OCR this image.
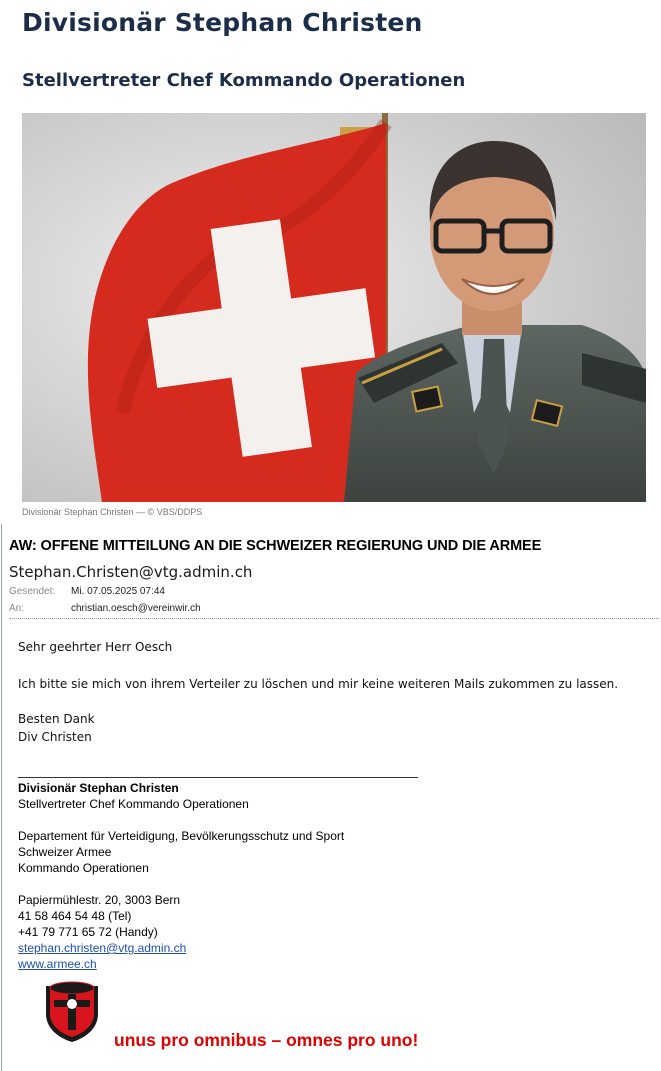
Divisionär Stephan Christen
Stellvertreter Chef Kommando Operationen
Divisionär Stephan Christen — © VBS/DDPS
AW: OFFENE MITTEILUNG AN DIE SCHWEIZER REGIERUNG UND DIE ARMEE
Stephan.Christen@vtg.admin.ch
Gesendet: Mi. 07.05.2025 07:44
An:	christian.oesch@vereinwir.ch
Sehr geehrter Herr Oesch
Ich bitte sie mich von ihrem Verteiler zu löschen und mir keine weiteren Mails zukommen zu lassen.
Besten Dank
Div Christen
Divisionär Stephan Christen
Stellvertreter Chef Kommando Operationen
Departement für Verteidigung, Bevölkerungsschutz und Sport
Schweizer Armee
Kommando Operationen
Papiermühlestr. 20, 3003 Bern
41 58 464 54 48 (Tel)
+41 79 771 65 72 (Handy)
stephan.christen@vtg.admin.ch
www.armee.ch
unus pro omnibus – omnes pro uno!
